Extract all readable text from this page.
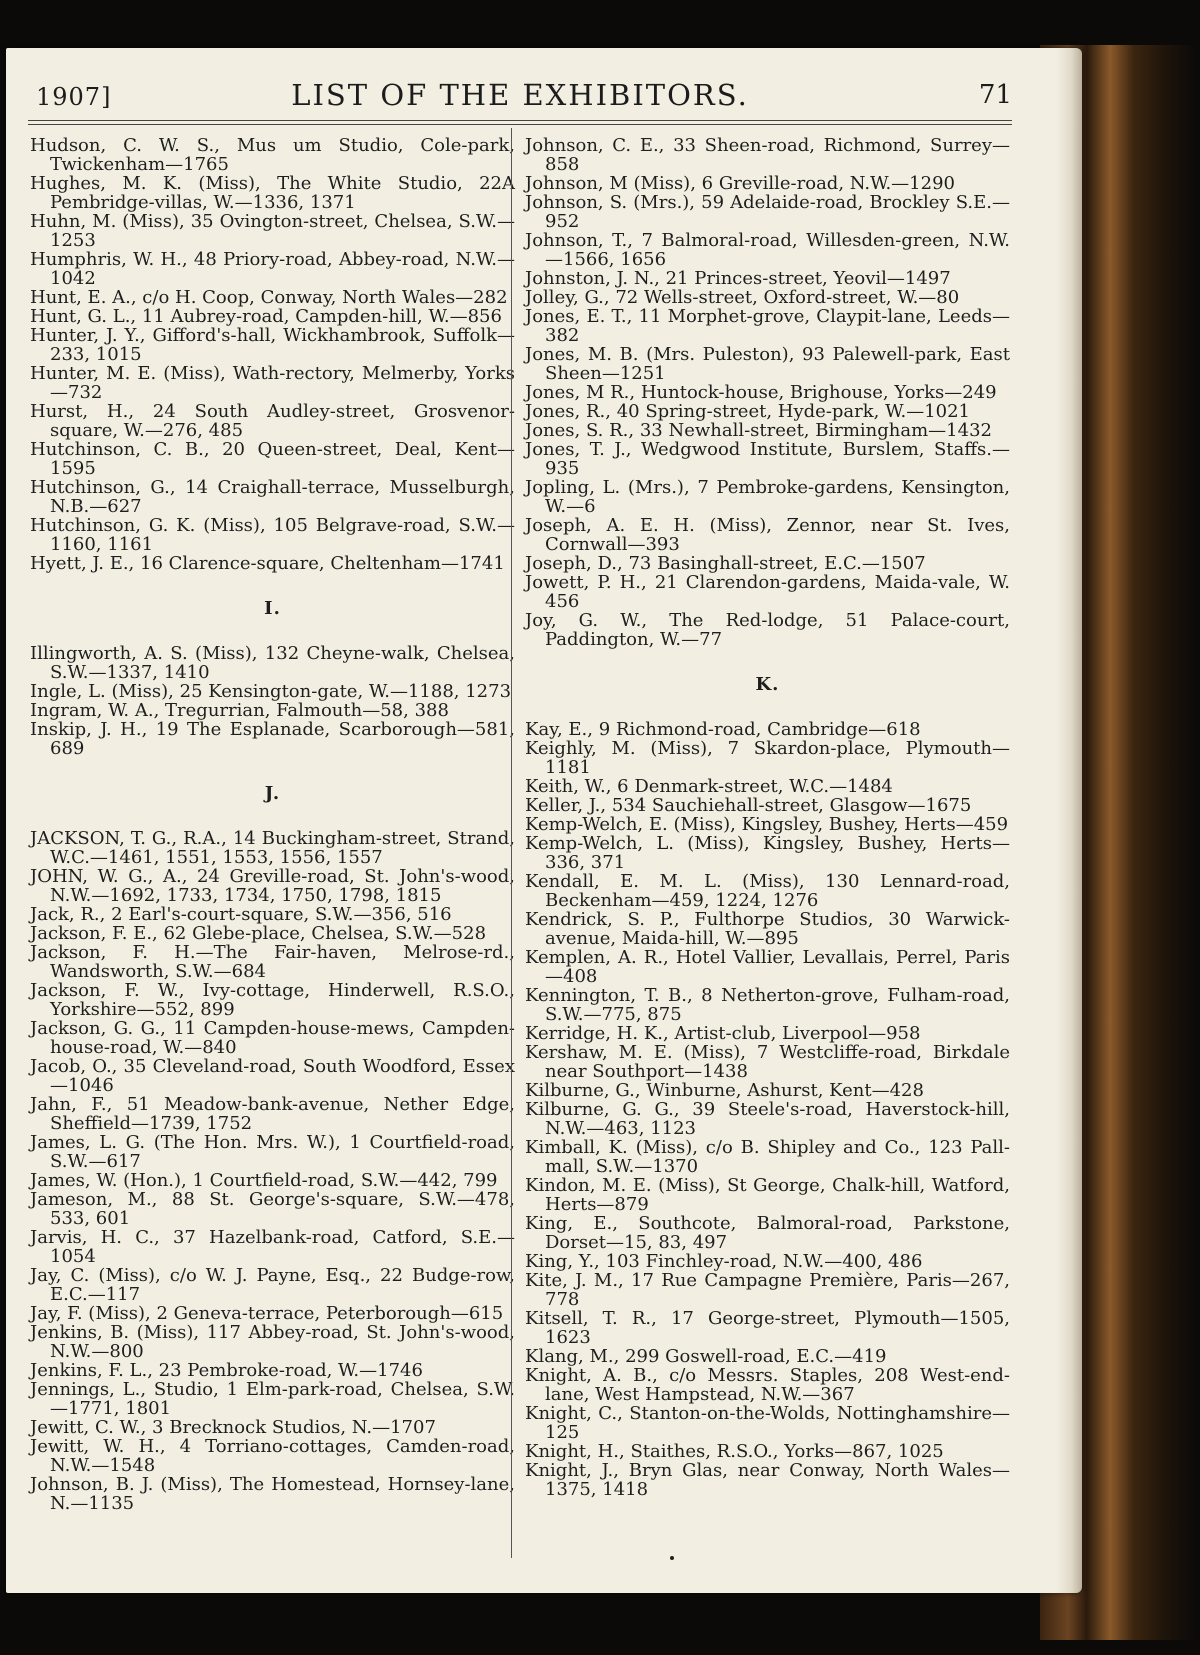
1907]	LIST OF THE EXHIBITORS.	71

Hudson, C. W. S., Mus um Studio, Cole-park, Twickenham—1765

Hughes, M. K. (Miss), The White Studio, 22A Pembridge-villas, W.—1336, 1371

Huhn, M. (Miss), 35 Ovington-street, Chelsea, S.W.—1253

Humphris, W. H., 48 Priory-road, Abbey-road, N.W.—1042

Hunt, E. A., c/o H. Coop, Conway, North Wales—282

Hunt, G. L., 11 Aubrey-road, Campden-hill, W.—856

Hunter, J. Y., Gifford's-hall, Wickhambrook, Suffolk—233, 1015

Hunter, M. E. (Miss), Wath-rectory, Melmerby, Yorks—732

Hurst, H., 24 South Audley-street, Grosvenor-square, W.—276, 485

Hutchinson, C. B., 20 Queen-street, Deal, Kent—1595

Hutchinson, G., 14 Craighall-terrace, Musselburgh, N.B.—627

Hutchinson, G. K. (Miss), 105 Belgrave-road, S.W.—1160, 1161

Hyett, J. E., 16 Clarence-square, Cheltenham—1741

I.

Illingworth, A. S. (Miss), 132 Cheyne-walk, Chelsea, S.W.—1337, 1410

Ingle, L. (Miss), 25 Kensington-gate, W.—1188, 1273

Ingram, W. A., Tregurrian, Falmouth—58, 388

Inskip, J. H., 19 The Esplanade, Scarborough—581, 689

J.

JACKSON, T. G., R.A., 14 Buckingham-street, Strand, W.C.—1461, 1551, 1553, 1556, 1557

JOHN, W. G., A., 24 Greville-road, St. John's-wood, N.W.—1692, 1733, 1734, 1750, 1798, 1815

Jack, R., 2 Earl's-court-square, S.W.—356, 516

Jackson, F. E., 62 Glebe-place, Chelsea, S.W.—528

Jackson, F. H.—The Fair-haven, Melrose-rd., Wandsworth, S.W.—684

Jackson, F. W., Ivy-cottage, Hinderwell, R.S.O., Yorkshire—552, 899

Jackson, G. G., 11 Campden-house-mews, Campden-house-road, W.—840

Jacob, O., 35 Cleveland-road, South Woodford, Essex—1046

Jahn, F., 51 Meadow-bank-avenue, Nether Edge, Sheffield—1739, 1752

James, L. G. (The Hon. Mrs. W.), 1 Courtfield-road, S.W.—617

James, W. (Hon.), 1 Courtfield-road, S.W.—442, 799

Jameson, M., 88 St. George's-square, S.W.—478, 533, 601

Jarvis, H. C., 37 Hazelbank-road, Catford, S.E.—1054

Jay, C. (Miss), c/o W. J. Payne, Esq., 22 Budge-row, E.C.—117

Jay, F. (Miss), 2 Geneva-terrace, Peterborough—615

Jenkins, B. (Miss), 117 Abbey-road, St. John's-wood, N.W.—800

Jenkins, F. L., 23 Pembroke-road, W.—1746

Jennings, L., Studio, 1 Elm-park-road, Chelsea, S.W.—1771, 1801

Jewitt, C. W., 3 Brecknock Studios, N.—1707

Jewitt, W. H., 4 Torriano-cottages, Camden-road, N.W.—1548

Johnson, B. J. (Miss), The Homestead, Hornsey-lane, N.—1135

Johnson, C. E., 33 Sheen-road, Richmond, Surrey—858

Johnson, M (Miss), 6 Greville-road, N.W.—1290

Johnson, S. (Mrs.), 59 Adelaide-road, Brockley S.E.—952

Johnson, T., 7 Balmoral-road, Willesden-green, N.W.—1566, 1656

Johnston, J. N., 21 Princes-street, Yeovil—1497

Jolley, G., 72 Wells-street, Oxford-street, W.—80

Jones, E. T., 11 Morphet-grove, Claypit-lane, Leeds—382

Jones, M. B. (Mrs. Puleston), 93 Palewell-park, East Sheen—1251

Jones, M R., Huntock-house, Brighouse, Yorks—249

Jones, R., 40 Spring-street, Hyde-park, W.—1021

Jones, S. R., 33 Newhall-street, Birmingham—1432

Jones, T. J., Wedgwood Institute, Burslem, Staffs.—935

Jopling, L. (Mrs.), 7 Pembroke-gardens, Kensington, W.—6

Joseph, A. E. H. (Miss), Zennor, near St. Ives, Cornwall—393

Joseph, D., 73 Basinghall-street, E.C.—1507

Jowett, P. H., 21 Clarendon-gardens, Maida-vale, W. 456

Joy, G. W., The Red-lodge, 51 Palace-court, Paddington, W.—77

K.

Kay, E., 9 Richmond-road, Cambridge—618

Keighly, M. (Miss), 7 Skardon-place, Plymouth—1181

Keith, W., 6 Denmark-street, W.C.—1484

Keller, J., 534 Sauchiehall-street, Glasgow—1675

Kemp-Welch, E. (Miss), Kingsley, Bushey, Herts—459

Kemp-Welch, L. (Miss), Kingsley, Bushey, Herts—336, 371

Kendall, E. M. L. (Miss), 130 Lennard-road, Beckenham—459, 1224, 1276

Kendrick, S. P., Fulthorpe Studios, 30 Warwick-avenue, Maida-hill, W.—895

Kemplen, A. R., Hotel Vallier, Levallais, Perrel, Paris—408

Kennington, T. B., 8 Netherton-grove, Fulham-road, S.W.—775, 875

Kerridge, H. K., Artist-club, Liverpool—958

Kershaw, M. E. (Miss), 7 Westcliffe-road, Birkdale near Southport—1438

Kilburne, G., Winburne, Ashurst, Kent—428

Kilburne, G. G., 39 Steele's-road, Haverstock-hill, N.W.—463, 1123

Kimball, K. (Miss), c/o B. Shipley and Co., 123 Pall-mall, S.W.—1370

Kindon, M. E. (Miss), St George, Chalk-hill, Watford, Herts—879

King, E., Southcote, Balmoral-road, Parkstone, Dorset—15, 83, 497

King, Y., 103 Finchley-road, N.W.—400, 486

Kite, J. M., 17 Rue Campagne Première, Paris—267, 778

Kitsell, T. R., 17 George-street, Plymouth—1505, 1623

Klang, M., 299 Goswell-road, E.C.—419

Knight, A. B., c/o Messrs. Staples, 208 West-end-lane, West Hampstead, N.W.—367

Knight, C., Stanton-on-the-Wolds, Nottinghamshire—125

Knight, H., Staithes, R.S.O., Yorks—867, 1025

Knight, J., Bryn Glas, near Conway, North Wales—1375, 1418
